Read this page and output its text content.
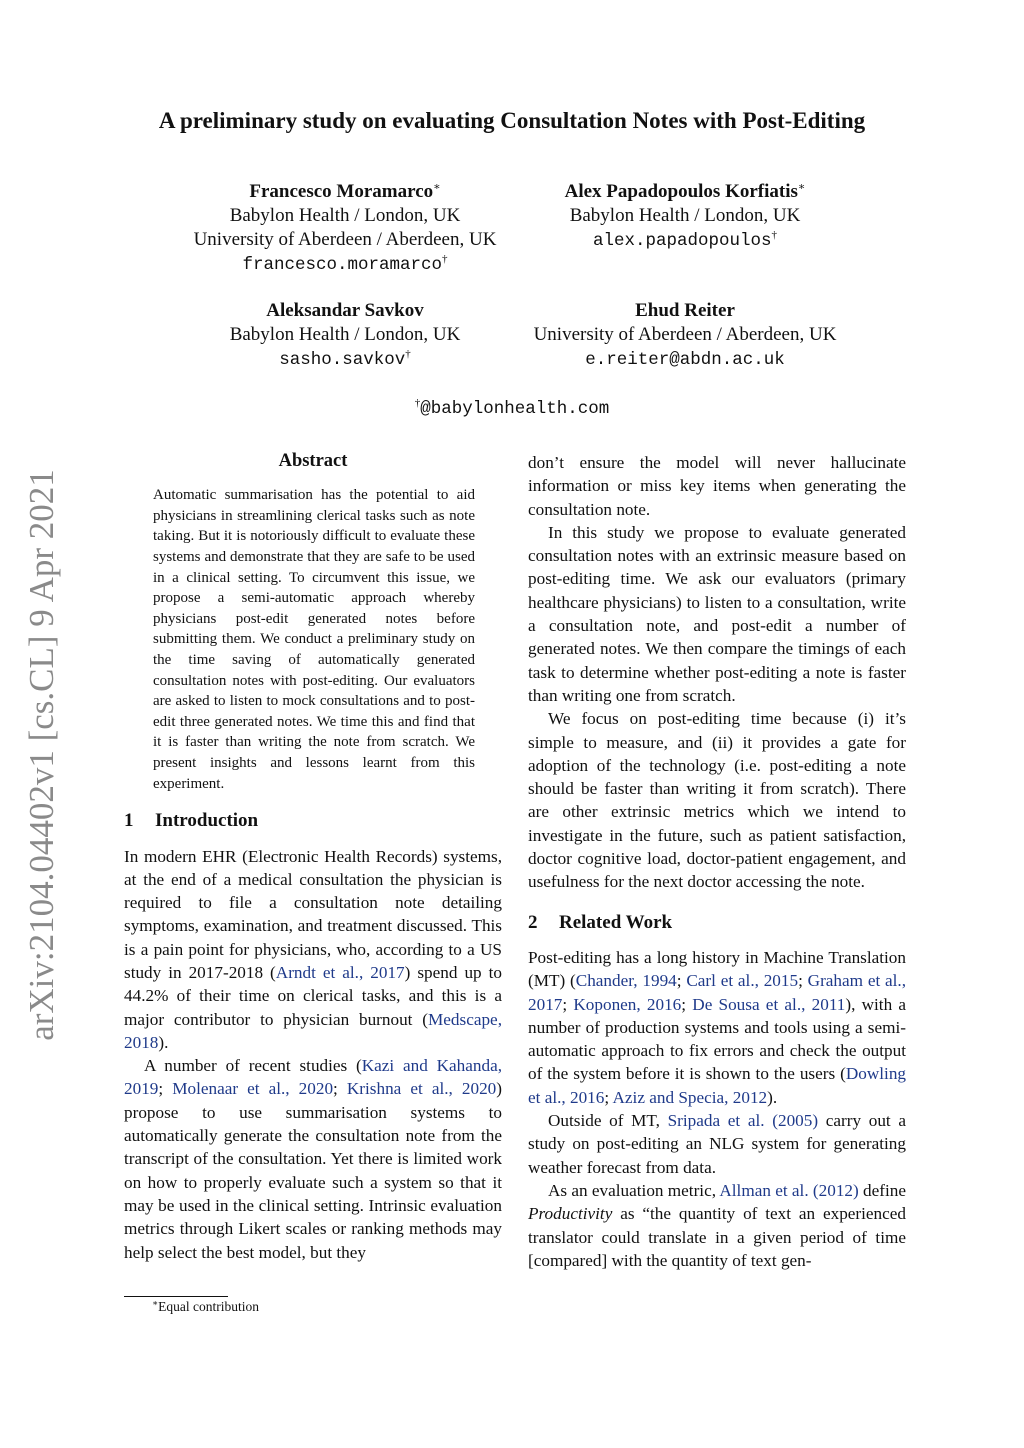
arXiv:2104.04402v1 [cs.CL] 9 Apr 2021
A preliminary study on evaluating Consultation Notes with Post-Editing
Francesco Moramarco∗
Babylon Health / London, UK
University of Aberdeen / Aberdeen, UK
francesco.moramarco†
Alex Papadopoulos Korfiatis∗
Babylon Health / London, UK
alex.papadopoulos†
Aleksandar Savkov
Babylon Health / London, UK
sasho.savkov†
Ehud Reiter
University of Aberdeen / Aberdeen, UK
e.reiter@abdn.ac.uk
†@babylonhealth.com
Abstract
Automatic summarisation has the potential to aid physicians in streamlining clerical tasks such as note taking. But it is notoriously difficult to evaluate these systems and demonstrate that they are safe to be used in a clinical setting. To circumvent this issue, we propose a semi-automatic approach whereby physicians post-edit generated notes before submitting them. We conduct a preliminary study on the time saving of automatically generated consultation notes with post-editing. Our evaluators are asked to listen to mock consultations and to post-edit three generated notes. We time this and find that it is faster than writing the note from scratch. We present insights and lessons learnt from this experiment.
1 Introduction

In modern EHR (Electronic Health Records) systems, at the end of a medical consultation the physician is required to file a consultation note detailing symptoms, examination, and treatment discussed. This is a pain point for physicians, who, according to a US study in 2017-2018 (Arndt et al., 2017) spend up to 44.2% of their time on clerical tasks, and this is a major contributor to physician burnout (Medscape, 2018).

A number of recent studies (Kazi and Kahanda, 2019; Molenaar et al., 2020; Krishna et al., 2020) propose to use summarisation systems to automatically generate the consultation note from the transcript of the consultation. Yet there is limited work on how to properly evaluate such a system so that it may be used in the clinical setting. Intrinsic evaluation metrics through Likert scales or ranking methods may help select the best model, but they

∗Equal contribution

don’t ensure the model will never hallucinate information or miss key items when generating the consultation note.

In this study we propose to evaluate generated consultation notes with an extrinsic measure based on post-editing time. We ask our evaluators (primary healthcare physicians) to listen to a consultation, write a consultation note, and post-edit a number of generated notes. We then compare the timings of each task to determine whether post-editing a note is faster than writing one from scratch.

We focus on post-editing time because (i) it’s simple to measure, and (ii) it provides a gate for adoption of the technology (i.e. post-editing a note should be faster than writing it from scratch). There are other extrinsic metrics which we intend to investigate in the future, such as patient satisfaction, doctor cognitive load, doctor-patient engagement, and usefulness for the next doctor accessing the note.

2 Related Work

Post-editing has a long history in Machine Translation (MT) (Chander, 1994; Carl et al., 2015; Graham et al., 2017; Koponen, 2016; De Sousa et al., 2011), with a number of production systems and tools using a semi-automatic approach to fix errors and check the output of the system before it is shown to the users (Dowling et al., 2016; Aziz and Specia, 2012).

Outside of MT, Sripada et al. (2005) carry out a study on post-editing an NLG system for generating weather forecast from data.

As an evaluation metric, Allman et al. (2012) define Productivity as “the quantity of text an experienced translator could translate in a given period of time [compared] with the quantity of text gen-
